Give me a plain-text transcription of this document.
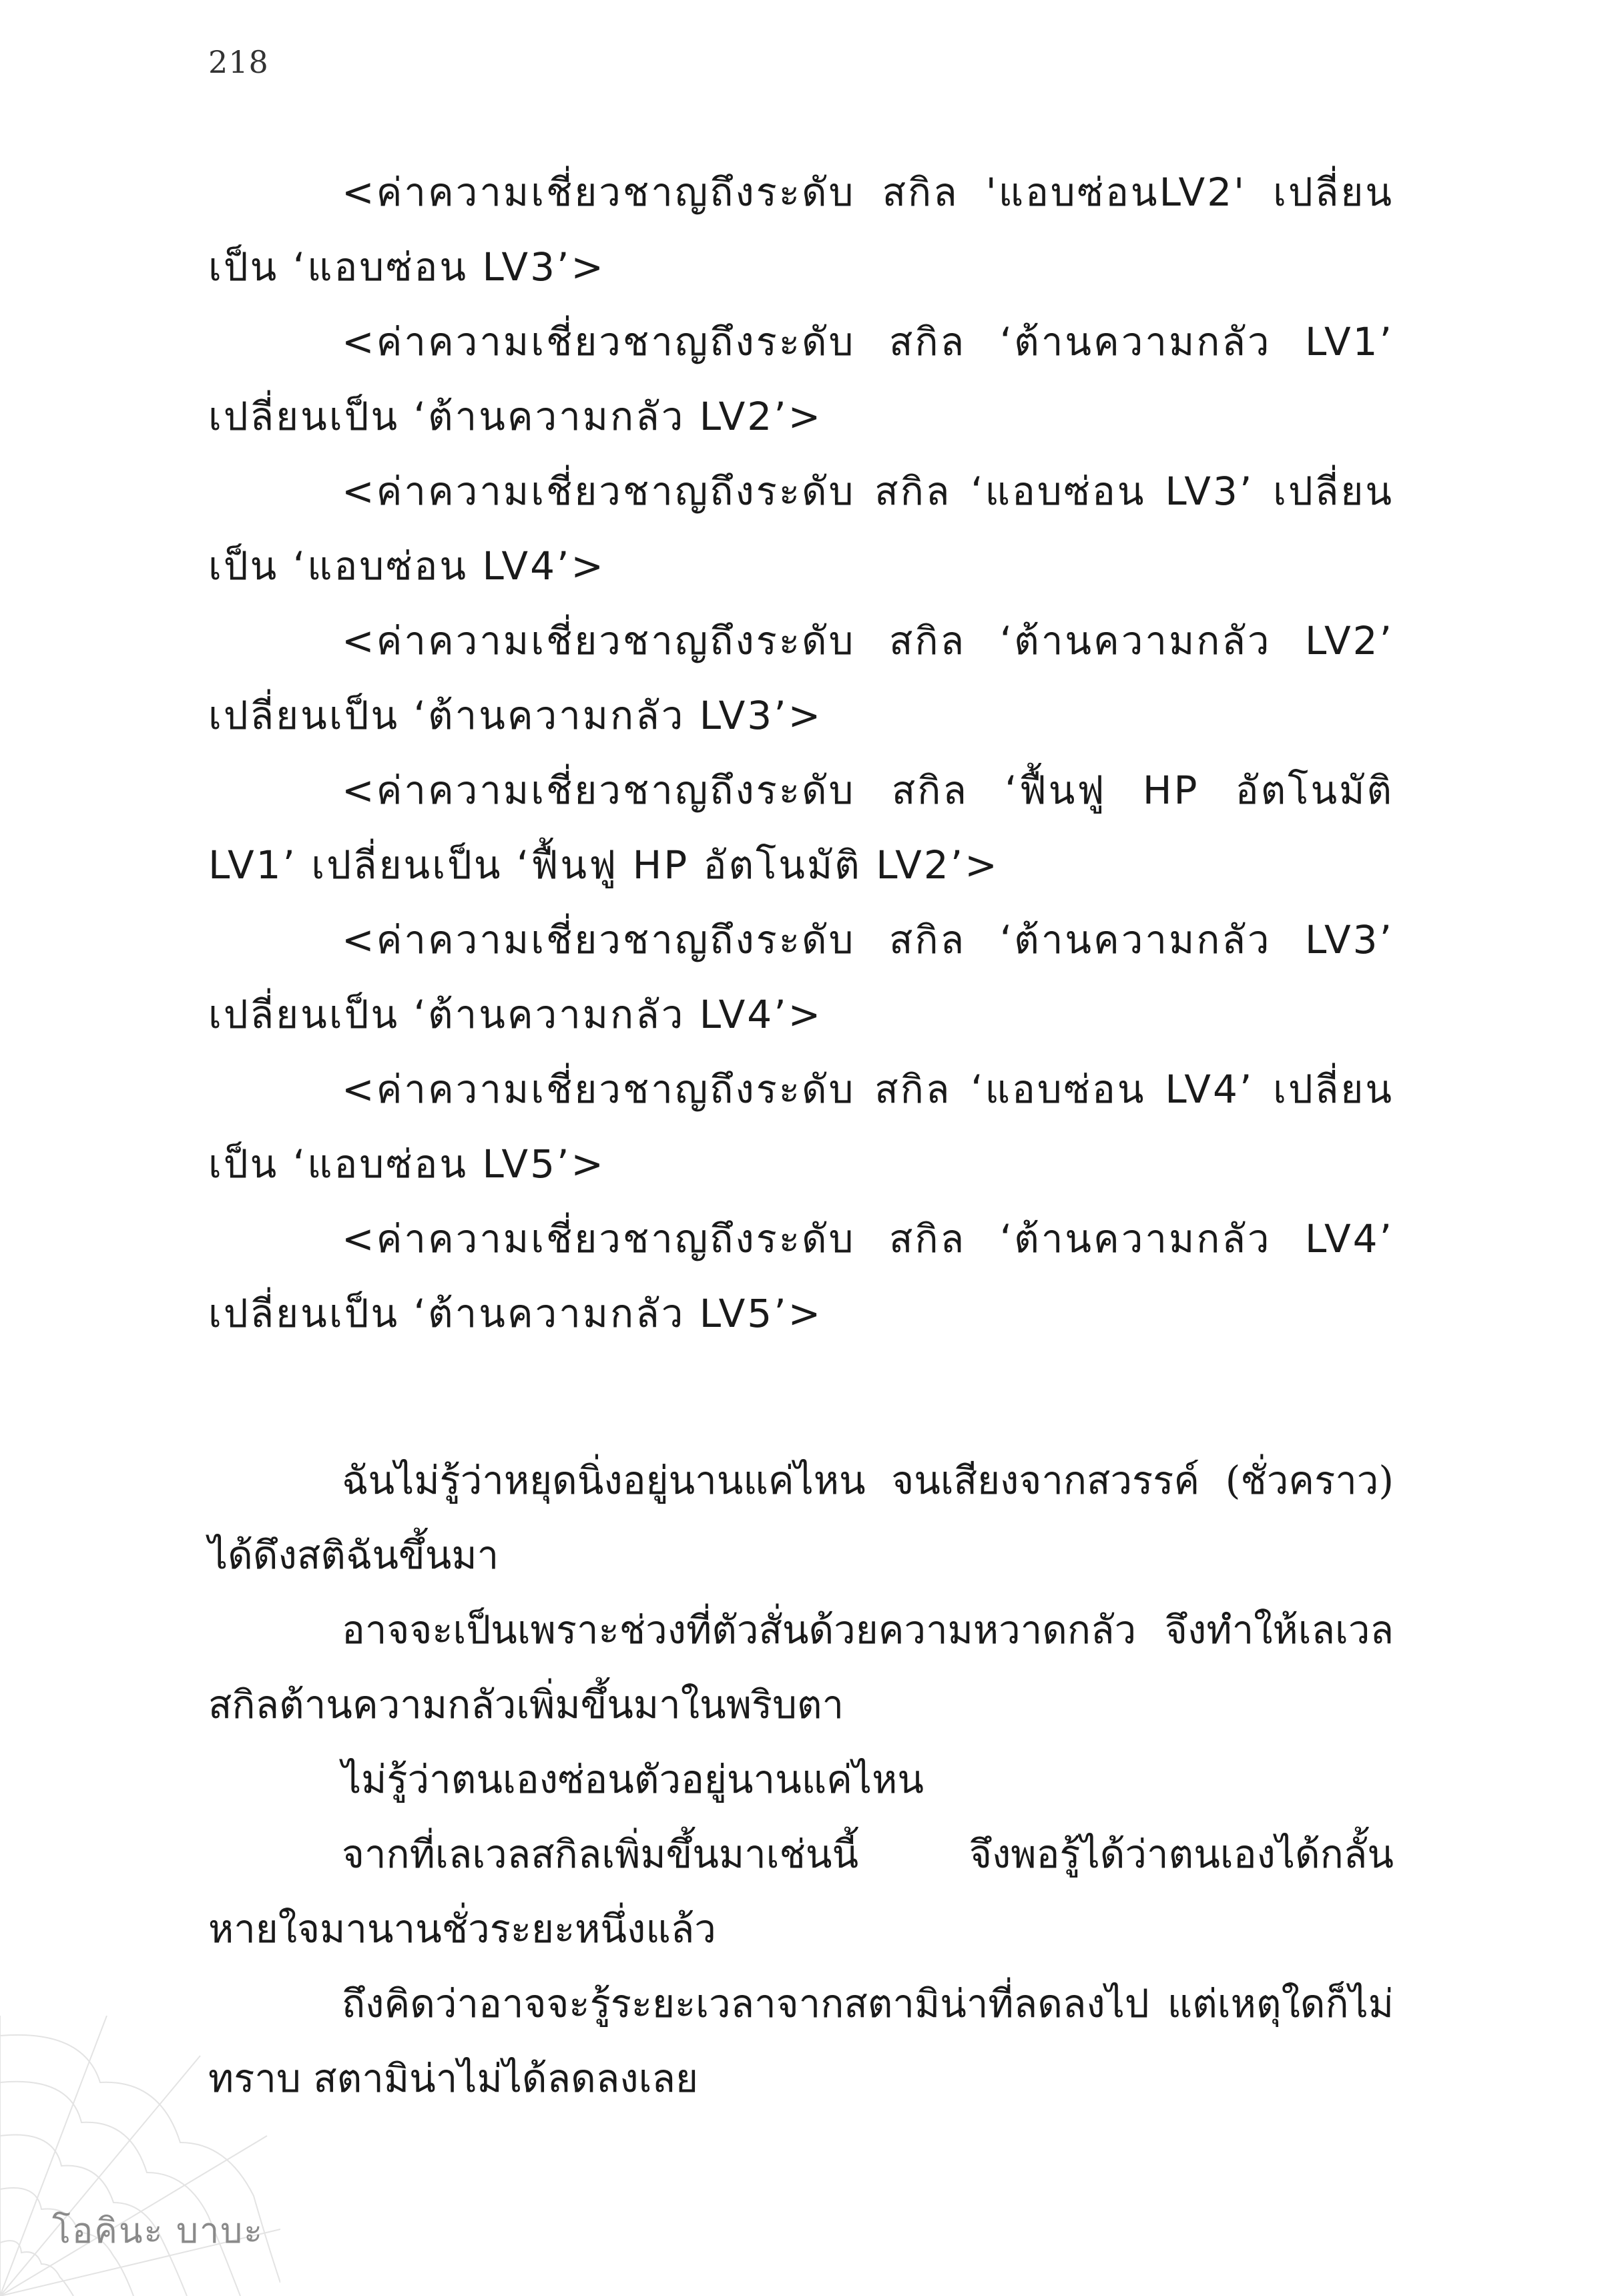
218

<ค่าความเชี่ยวชาญถึงระดับ สกิล 'แอบซ่อนLV2' เปลี่ยนเป็น ‘แอบซ่อน LV3’>

<ค่าความเชี่ยวชาญถึงระดับ สกิล ‘ต้านความกลัว LV1’ เปลี่ยนเป็น ‘ต้านความกลัว LV2’>

<ค่าความเชี่ยวชาญถึงระดับ สกิล ‘แอบซ่อน LV3’ เปลี่ยนเป็น ‘แอบซ่อน LV4’>

<ค่าความเชี่ยวชาญถึงระดับ สกิล ‘ต้านความกลัว LV2’ เปลี่ยนเป็น ‘ต้านความกลัว LV3’>

<ค่าความเชี่ยวชาญถึงระดับ สกิล ‘ฟื้นฟู HP อัตโนมัติ LV1’ เปลี่ยนเป็น ‘ฟื้นฟู HP อัตโนมัติ LV2’>

<ค่าความเชี่ยวชาญถึงระดับ สกิล ‘ต้านความกลัว LV3’ เปลี่ยนเป็น ‘ต้านความกลัว LV4’>

<ค่าความเชี่ยวชาญถึงระดับ สกิล ‘แอบซ่อน LV4’ เปลี่ยนเป็น ‘แอบซ่อน LV5’>

<ค่าความเชี่ยวชาญถึงระดับ สกิล ‘ต้านความกลัว LV4’ เปลี่ยนเป็น ‘ต้านความกลัว LV5’>

ฉันไม่รู้ว่าหยุดนิ่งอยู่นานแค่ไหน จนเสียงจากสวรรค์ (ชั่วคราว) ได้ดึงสติฉันขึ้นมา

อาจจะเป็นเพราะช่วงที่ตัวสั่นด้วยความหวาดกลัว จึงทำให้เลเวลสกิลต้านความกลัวเพิ่มขึ้นมาในพริบตา

ไม่รู้ว่าตนเองซ่อนตัวอยู่นานแค่ไหน

จากที่เลเวลสกิลเพิ่มขึ้นมาเช่นนี้ จึงพอรู้ได้ว่าตนเองได้กลั้นหายใจมานานชั่วระยะหนึ่งแล้ว

ถึงคิดว่าอาจจะรู้ระยะเวลาจากสตามิน่าที่ลดลงไป แต่เหตุใดก็ไม่ทราบ สตามิน่าไม่ได้ลดลงเลย

โอคินะ บาบะ
